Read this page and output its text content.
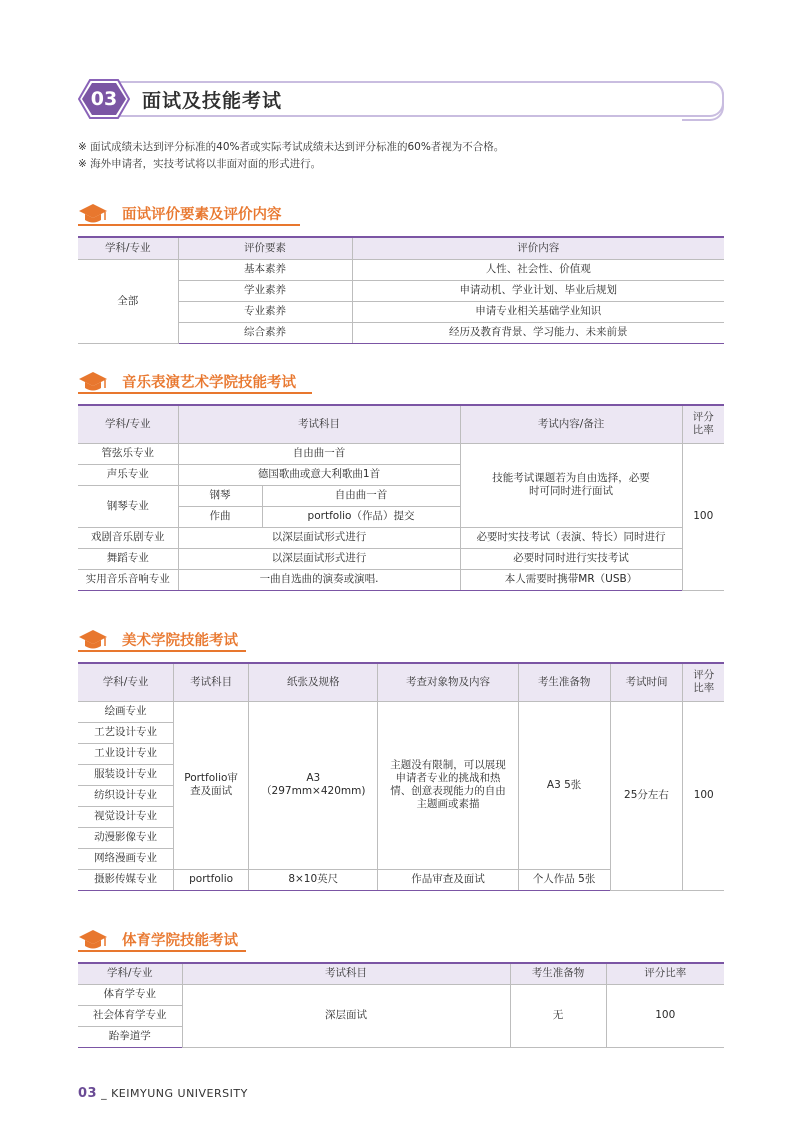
03	面试及技能考试
※ 面试成绩未达到评分标准的40%者或实际考试成绩未达到评分标准的60%者视为不合格。
※ 海外申请者，实技考试将以非面对面的形式进行。
面试评价要素及评价内容
学科/专业	评价要素	评价内容
全部	基本素养	人性、社会性、价值观
	学业素养	申请动机、学业计划、毕业后规划
	专业素养	申请专业相关基础学业知识
	综合素养	经历及教育背景、学习能力、未来前景
音乐表演艺术学院技能考试
学科/专业	考试科目		考试内容/备注	评分比率
管弦乐专业	自由曲一首		技能考试课题若为自由选择，必要时可同时进行面试	100
声乐专业	德国歌曲或意大利歌曲1首			
钢琴专业	钢琴	自由曲一首		
	作曲	portfolio（作品）提交		
戏剧音乐剧专业	以深层面试形式进行		必要时实技考试（表演、特长）同时进行	
舞蹈专业	以深层面试形式进行		必要时同时进行实技考试	
实用音乐音响专业	一曲自选曲的演奏或演唱.		本人需要时携带MR（USB）	
美术学院技能考试
学科/专业	考试科目	纸张及规格	考查对象物及内容	考生准备物	考试时间	评分比率
绘画专业	Portfolio审查及面试	A3（297mm×420mm)	主题没有限制，可以展现申请者专业的挑战和热情、创意表现能力的自由主题画或素描	A3 5张	25分左右	100
工艺设计专业						
工业设计专业						
服装设计专业						
纺织设计专业						
视觉设计专业						
动漫影像专业						
网络漫画专业						
摄影传媒专业	portfolio	8×10英尺	作品审查及面试	个人作品 5张		
体育学院技能考试
学科/专业	考试科目	考生准备物	评分比率
体育学专业	深层面试	无	100
社会体育学专业			
跆拳道学			
03 _ KEIMYUNG UNIVERSITY
